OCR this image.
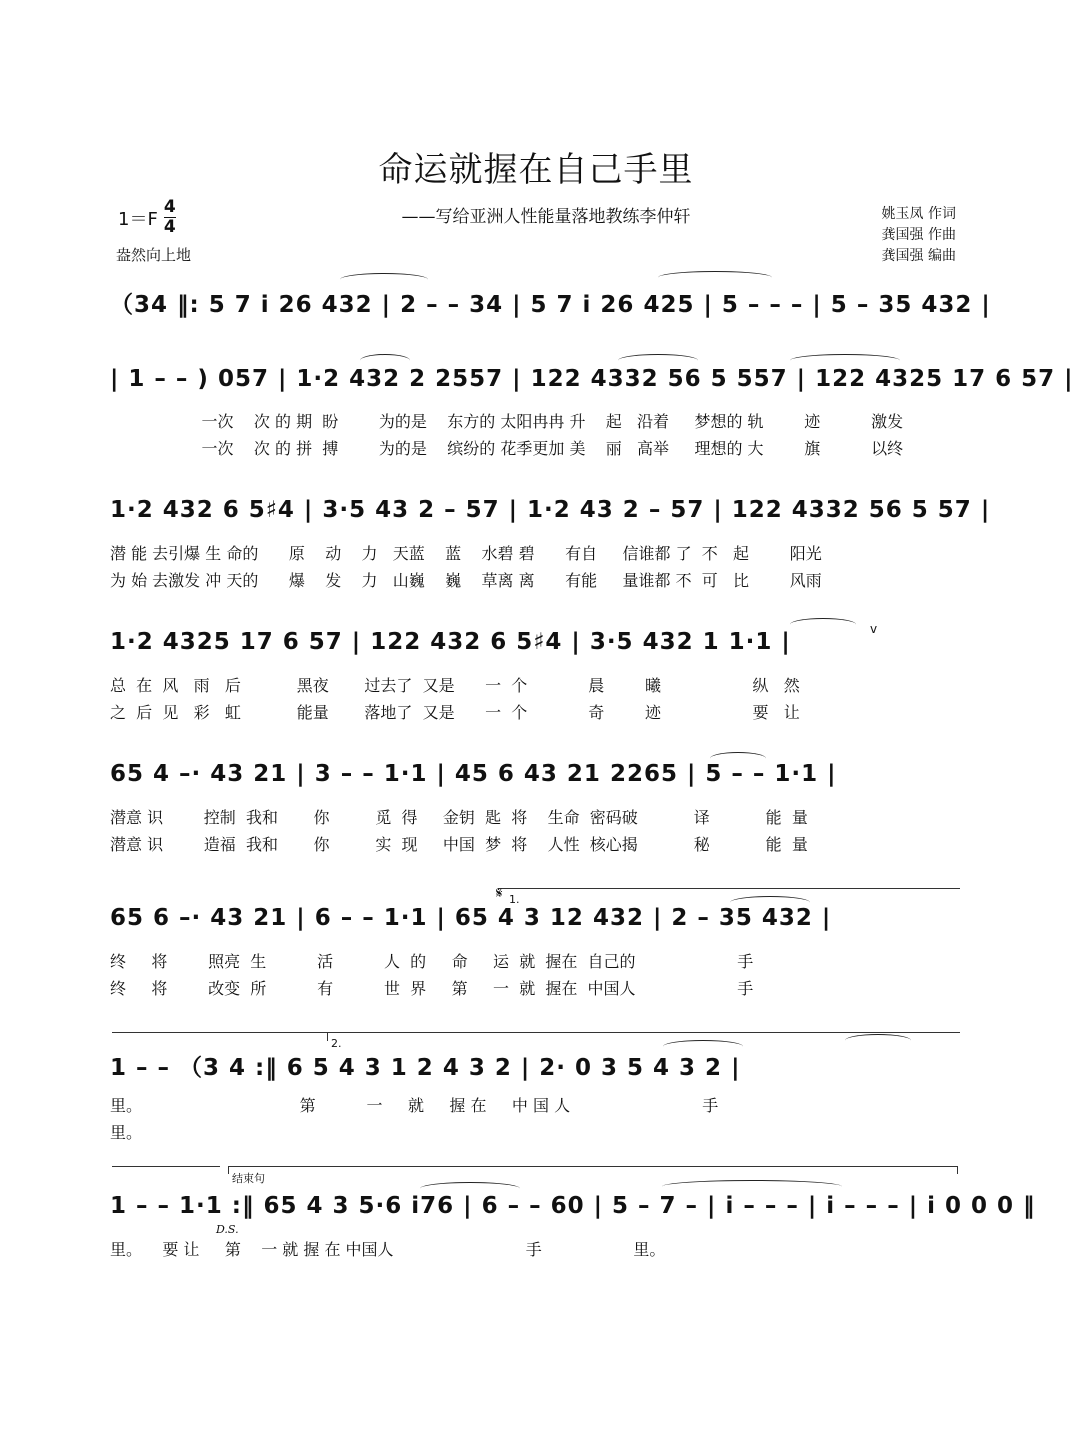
命运就握在自己手里
——写给亚洲人性能量落地教练李仲轩
1＝F
4
4
盎然向上地
姚玉凤 作词
龚国强 作曲
龚国强 编曲
（34 ‖: 5 7 i 26 432 | 2 – – 34 | 5 7 i 26 425 | 5 – – – | 5 – 35 432 |
| 1 – – ) 057 | 1·2 432 2 2557 | 122 4332 56 5 557 | 122 4325 17 6 57 |
一次    次 的 期  盼        为的是    东方的 太阳冉冉 升    起   沿着     梦想的 轨        迹          激发
一次    次 的 拼  搏        为的是    缤纷的 花季更加 美    丽   高举     理想的 大        旗          以终
1·2 432 6 5♯4 | 3·5 43 2 – 57 | 1·2 43 2 – 57 | 122 4332 56 5 57 |
潜 能 去引爆 生 命的      原    动    力   天蓝    蓝    水碧 碧      有自     信谁都 了  不   起        阳光
为 始 去激发 冲 天的      爆    发    力   山巍    巍    草离 离      有能     量谁都 不  可   比        风雨
1·2 4325 17 6 57 | 122 432 6 5♯4 | 3·5 432 1 1·1 |	v
总  在  风   雨   后           黑夜       过去了  又是      一  个            晨        曦                  纵   然
之  后  见   彩   虹           能量       落地了  又是      一  个            奇        迹                  要   让
65 4 –· 43 21 | 3 – – 1·1 | 45 6 43 21 2265 | 5 – – 1·1 |
潜意 识        控制  我和       你         觅  得     金钥  匙  将    生命  密码破           译           能  量
潜意 识        造福  我和       你         实  现     中国  梦  将    人性  核心揭           秘           能  量
𝄋 1.
65 6 –· 43 21 | 6 – – 1·1 | 65 4 3 12 432 | 2 – 35 432 |
终     将        照亮  生          活          人  的     命     运  就  握在  自己的                    手
终     将        改变  所          有          世  界     第     一  就  握在  中国人                    手
2.
1 – – （3 4 :‖ 6 5 4 3 1 2 4 3 2 | 2· 0 3 5 4 3 2 |
里。                               第          一     就     握 在     中 国 人                          手
里。
结束句
1 – – 1·1 :‖ 65 4 3 5·6 i76 | 6 – – 60 | 5 – 7 – | i – – – | i – – – | i 0 0 0 ‖
D.S.
里。    要 让     第    一 就 握 在 中国人                          手                  里。
